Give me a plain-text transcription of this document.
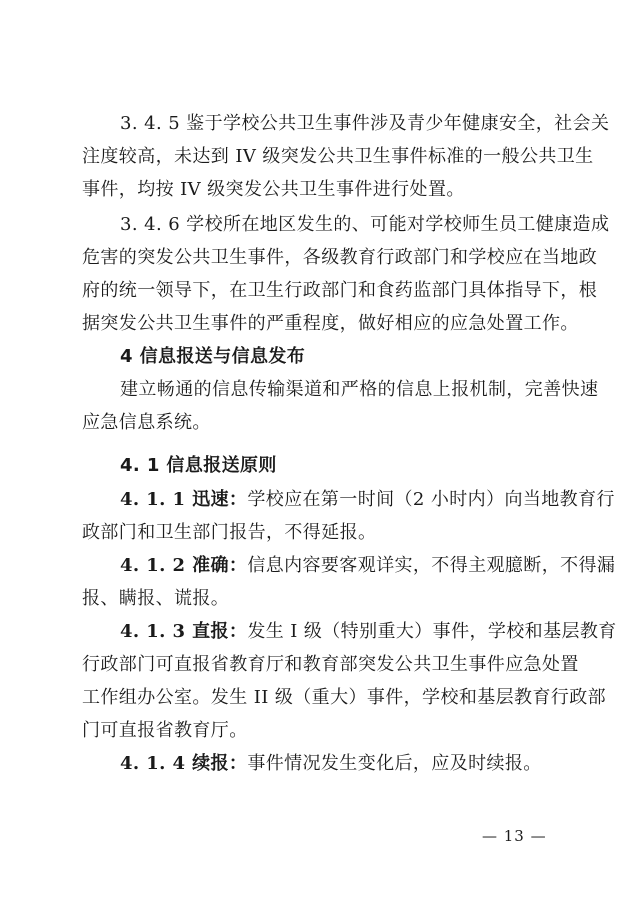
3. 4. 5 鉴于学校公共卫生事件涉及青少年健康安全，社会关
注度较高，未达到 IV 级突发公共卫生事件标准的一般公共卫生
事件，均按 IV 级突发公共卫生事件进行处置。
3. 4. 6 学校所在地区发生的、可能对学校师生员工健康造成
危害的突发公共卫生事件，各级教育行政部门和学校应在当地政
府的统一领导下，在卫生行政部门和食药监部门具体指导下，根
据突发公共卫生事件的严重程度，做好相应的应急处置工作。
4 信息报送与信息发布
建立畅通的信息传输渠道和严格的信息上报机制，完善快速
应急信息系统。
4. 1 信息报送原则
4. 1. 1 迅速：学校应在第一时间（2 小时内）向当地教育行
政部门和卫生部门报告，不得延报。
4. 1. 2 准确：信息内容要客观详实，不得主观臆断，不得漏
报、瞒报、谎报。
4. 1. 3 直报：发生 I 级（特别重大）事件，学校和基层教育
行政部门可直报省教育厅和教育部突发公共卫生事件应急处置
工作组办公室。发生 II 级（重大）事件，学校和基层教育行政部
门可直报省教育厅。
4. 1. 4 续报：事件情况发生变化后，应及时续报。
— 13 —
